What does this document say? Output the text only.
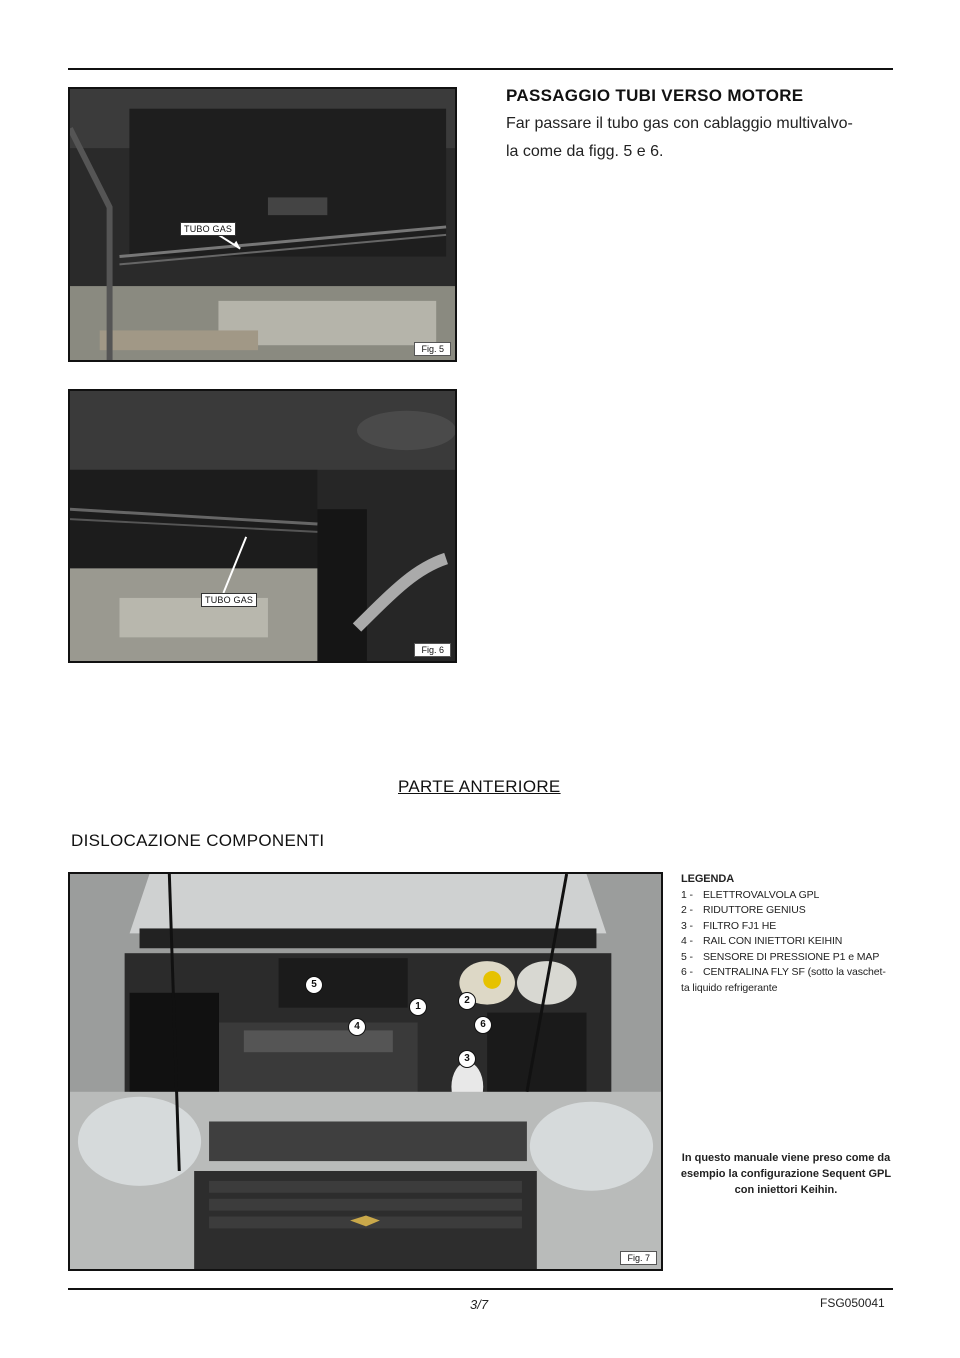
TUBO GAS
Fig. 5
TUBO GAS
Fig. 6
PASSAGGIO TUBI VERSO MOTORE
Far passare il tubo gas con cablaggio multivalvo-
la come da figg. 5 e 6.
PARTE ANTERIORE
DISLOCAZIONE COMPONENTI
5
1
2
4	6
3
Fig. 7
LEGENDA
1 - ELETTROVALVOLA GPL
2 - RIDUTTORE GENIUS
3 - FILTRO FJ1 HE
4 - RAIL CON INIETTORI KEIHIN
5 - SENSORE DI PRESSIONE P1 e MAP
6 - CENTRALINA FLY SF (sotto la vaschet-
ta liquido refrigerante
In questo manuale viene preso come da
esempio la configurazione Sequent GPL
con iniettori Keihin.
3/7	FSG050041
